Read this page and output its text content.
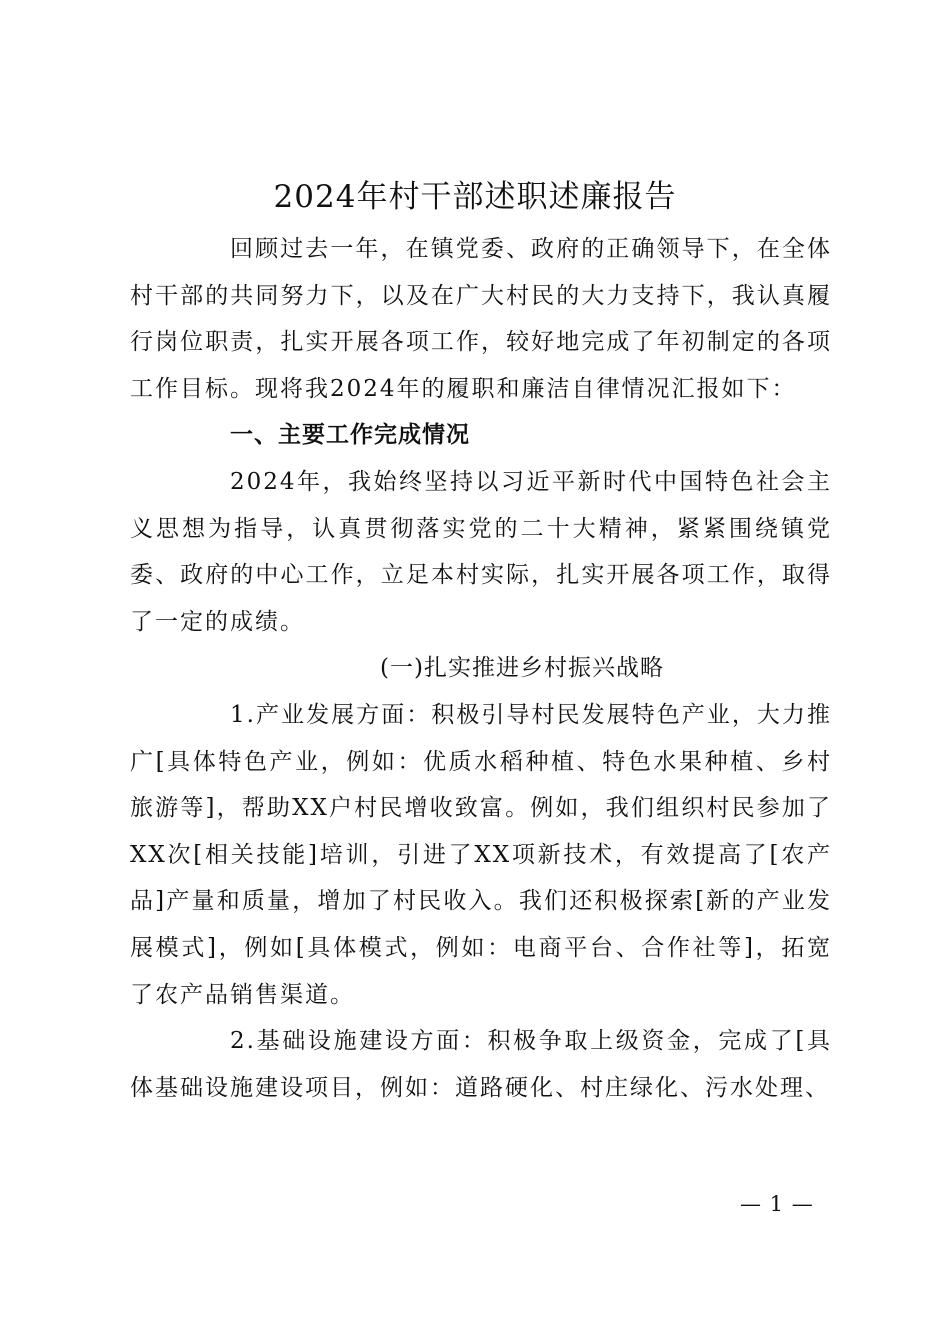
2024年村干部述职述廉报告

回顾过去一年，在镇党委、政府的正确领导下，在全体村干部的共同努力下，以及在广大村民的大力支持下，我认真履行岗位职责，扎实开展各项工作，较好地完成了年初制定的各项工作目标。现将我2024年的履职和廉洁自律情况汇报如下：

一、主要工作完成情况

2024年，我始终坚持以习近平新时代中国特色社会主义思想为指导，认真贯彻落实党的二十大精神，紧紧围绕镇党委、政府的中心工作，立足本村实际，扎实开展各项工作，取得了一定的成绩。

(一)扎实推进乡村振兴战略

1.产业发展方面：积极引导村民发展特色产业，大力推广[具体特色产业，例如：优质水稻种植、特色水果种植、乡村旅游等]，帮助XX户村民增收致富。例如，我们组织村民参加了XX次[相关技能]培训，引进了XX项新技术，有效提高了[农产品]产量和质量，增加了村民收入。我们还积极探索[新的产业发展模式]，例如[具体模式，例如：电商平台、合作社等]，拓宽了农产品销售渠道。

2.基础设施建设方面：积极争取上级资金，完成了[具体基础设施建设项目，例如：道路硬化、村庄绿化、污水处理、

— 1 —
